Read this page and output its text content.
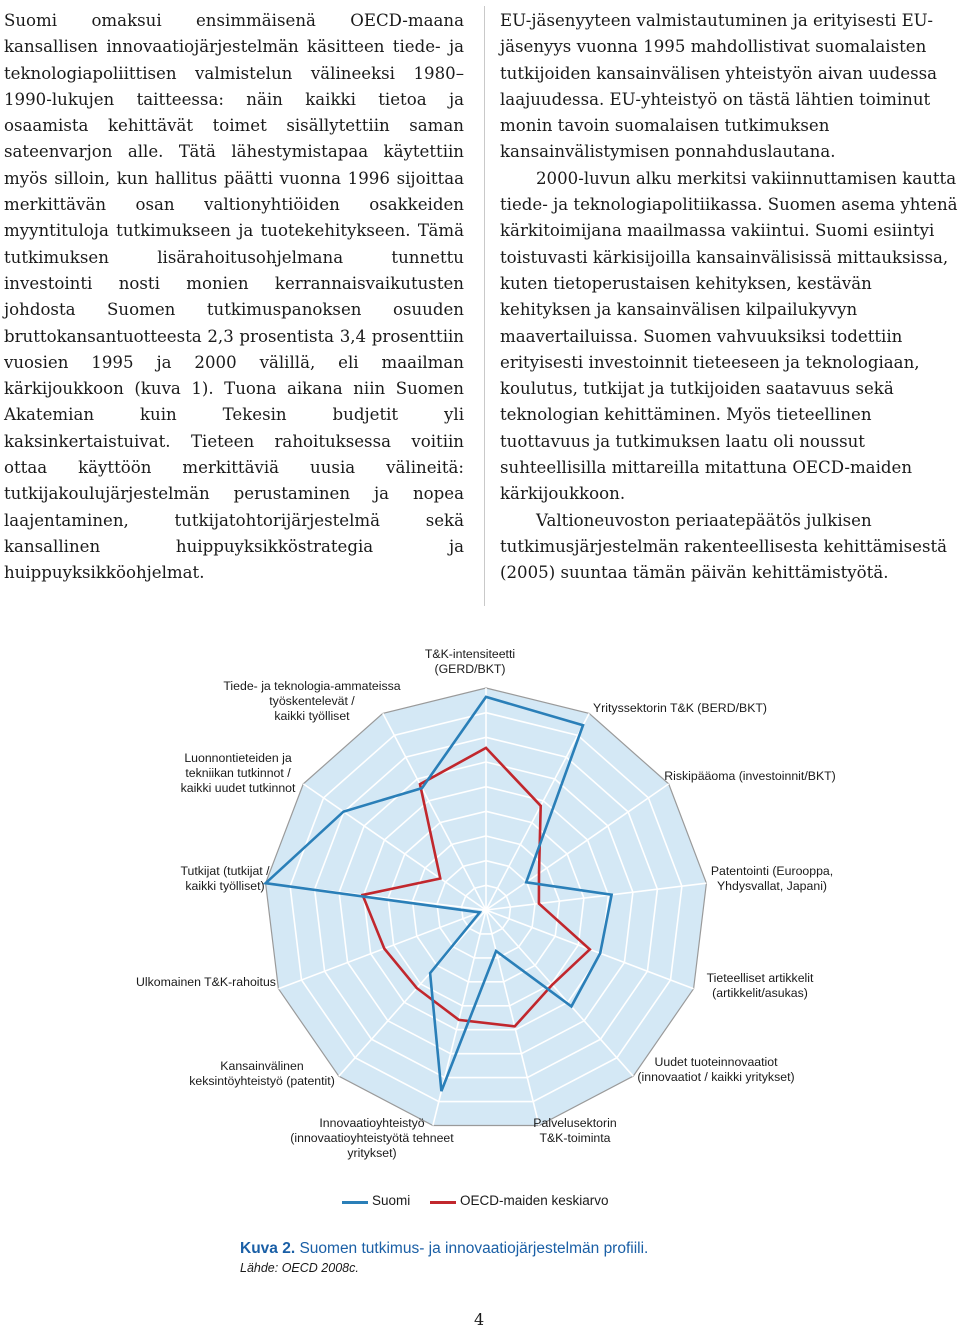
Suomi omaksui ensimmäisenä OECD-maana kansallisen innovaatiojärjestelmän käsitteen tiede- ja teknologiapoliittisen valmistelun välineeksi 1980–1990-lukujen taitteessa: näin kaikki tietoa ja osaamista kehittävät toimet sisällytettiin saman sateenvarjon alle. Tätä lähestymistapaa käytettiin myös silloin, kun hallitus päätti vuonna 1996 sijoittaa merkittävän osan valtionyhtiöiden osakkeiden myyntituloja tutkimukseen ja tuotekehitykseen. Tämä tutkimuksen lisärahoitusohjelmana tunnettu investointi nosti monien kerrannaisvaikutusten johdosta Suomen tutkimuspanoksen osuuden bruttokansantuotteesta 2,3 prosentista 3,4 prosenttiin vuosien 1995 ja 2000 välillä, eli maailman kärkijoukkoon (kuva 1). Tuona aikana niin Suomen Akatemian kuin Tekesin budjetit yli kaksinkertaistuivat. Tieteen rahoituksessa voitiin ottaa käyttöön merkittäviä uusia välineitä: tutkijakoulujärjestelmän perustaminen ja nopea laajentaminen, tutkijatohtorijärjestelmä sekä kansallinen huippuyksikköstrategia ja huippuyksikköohjelmat.

EU-jäsenyyteen valmistautuminen ja erityisesti EU-jäsenyys vuonna 1995 mahdollistivat suomalaisten tutkijoiden kansainvälisen yhteistyön aivan uudessa laajuudessa. EU-yhteistyö on tästä lähtien toiminut monin tavoin suomalaisen tutkimuksen kansainvälistymisen ponnahduslautana.

2000-luvun alku merkitsi vakiinnuttamisen kautta tiede- ja teknologiapolitiikassa. Suomen asema yhtenä kärkitoimijana maailmassa vakiintui. Suomi esiintyi toistuvasti kärkisijoilla kansainvälisissä mittauksissa, kuten tietoperustaisen kehityksen, kestävän kehityksen ja kansainvälisen kilpailukyvyn maavertailuissa. Suomen vahvuuksiksi todettiin erityisesti investoinnit tieteeseen ja teknologiaan, koulutus, tutkijat ja tutkijoiden saatavuus sekä teknologian kehittäminen. Myös tieteellinen tuottavuus ja tutkimuksen laatu oli noussut suhteellisilla mittareilla mitattuna OECD-maiden kärkijoukkoon.

Valtioneuvoston periaatepäätös julkisen tutkimusjärjestelmän rakenteellisesta kehittämisestä (2005) suuntaa tämän päivän kehittämistyötä.

T&K-intensiteetti (GERD/BKT)
Yrityssektorin T&K (BERD/BKT)
Riskipääoma (investoinnit/BKT)
Patentointi (Eurooppa, Yhdysvallat, Japani)
Tieteelliset artikkelit (artikkelit/asukas)
Uudet tuoteinnovaatiot (innovaatiot / kaikki yritykset)
Palvelusektorin T&K-toiminta
Innovaatioyhteistyö (innovaatioyhteistyötä tehneet yritykset)
Kansainvälinen keksintöyhteistyö (patentit)
Ulkomainen T&K-rahoitus
Tutkijat (tutkijat / kaikki työlliset)
Luonnontieteiden ja tekniikan tutkinnot / kaikki uudet tutkinnot
Tiede- ja teknologia-ammateissa työskentelevät / kaikki työlliset
Suomi	OECD-maiden keskiarvo
Kuva 2. Suomen tutkimus- ja innovaatiojärjestelmän profiili.
Lähde: OECD 2008c.
4
